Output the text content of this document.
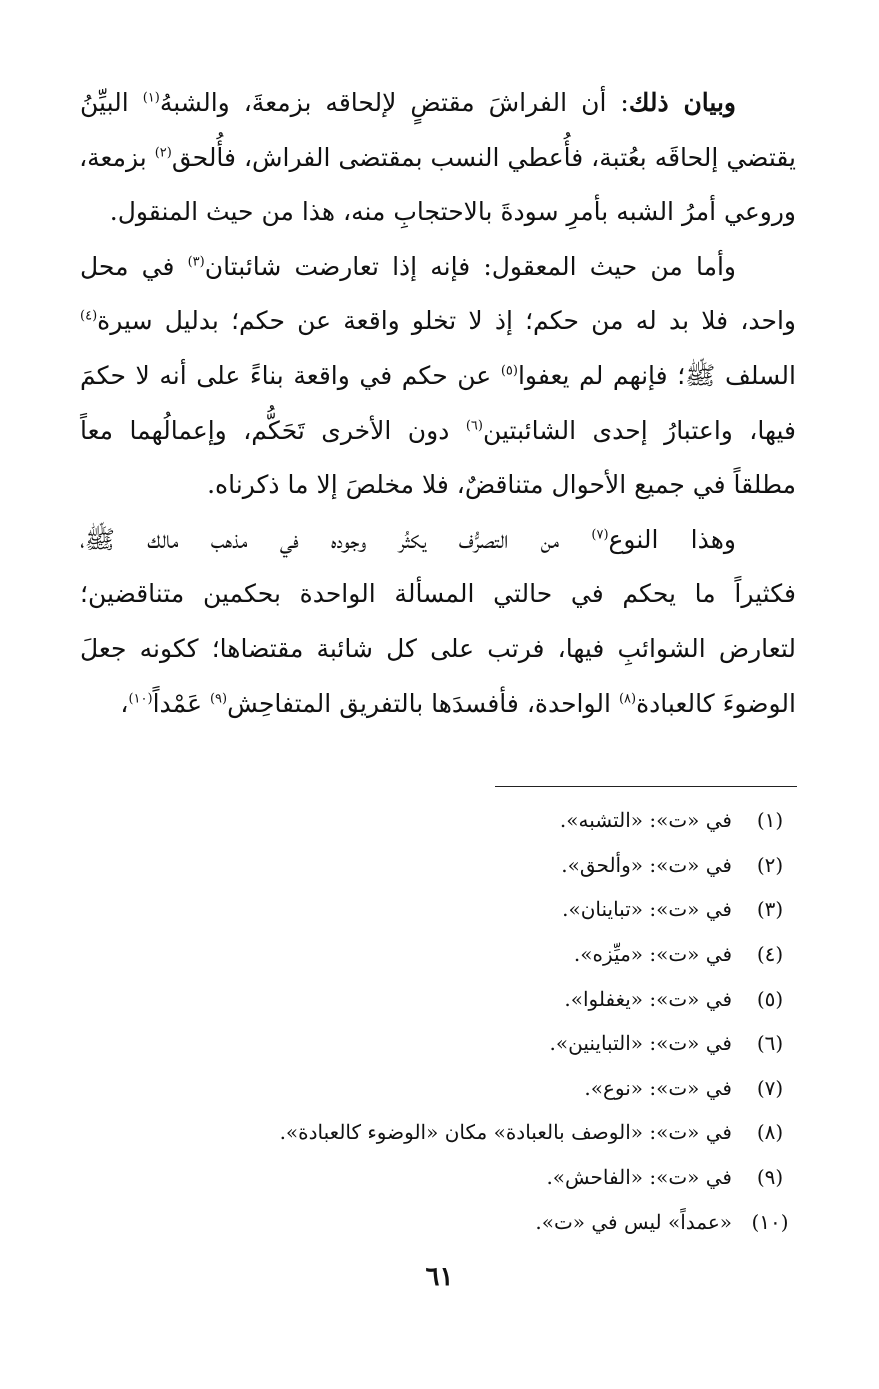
وبيان ذلك: أن الفراشَ مقتضٍ لإلحاقه بزمعةَ، والشبهُ$^{(١)}$ البيِّنُ
يقتضي إلحاقَه بعُتبة، فأُعطي النسب بمقتضى الفراش، فأُلحق$^{(٢)}$ بزمعة،
وروعي أمرُ الشبه بأمرِ سودةَ بالاحتجابِ منه، هذا من حيث المنقول.

وأما من حيث المعقول: فإنه إذا تعارضت شائبتان$^{(٣)}$ في محل
واحد، فلا بد له من حكم؛ إذ لا تخلو واقعة عن حكم؛ بدليل سيرة$^{(٤)}$
السلف ﷺ؛ فإنهم لم يعفوا$^{(٥)}$ عن حكم في واقعة بناءً على أنه لا حكمَ
فيها، واعتبارُ إحدى الشائبتين$^{(٦)}$ دون الأخرى تَحَكُّم، وإعمالُهما معاً
مطلقاً في جميع الأحوال متناقضٌ، فلا مخلصَ إلا ما ذكرناه.

وهذا النوع$^{(٧)}$ من التصرُّف يكثُر وجوده في مذهب مالك ﷺ،
فكثيراً ما يحكم في حالتي المسألة الواحدة بحكمين متناقضين؛
لتعارض الشوائبِ فيها، فرتب على كل شائبة مقتضاها؛ ككونه جعلَ
الوضوءَ كالعبادة$^{(٨)}$ الواحدة، فأفسدَها بالتفريق المتفاحِش$^{(٩)}$ عَمْداً$^{(١٠)}$،

(١)
في «ت»: «التشبه».
(٢)
في «ت»: «وألحق».
(٣)
في «ت»: «تباينان».
(٤)
في «ت»: «ميِّزه».
(٥)
في «ت»: «يغفلوا».
(٦)
في «ت»: «التباينين».
(٧)
في «ت»: «نوع».
(٨)
في «ت»: «الوصف بالعبادة» مكان «الوضوء كالعبادة».
(٩)
في «ت»: «الفاحش».
(١٠)
«عمداً» ليس في «ت».
٦١
